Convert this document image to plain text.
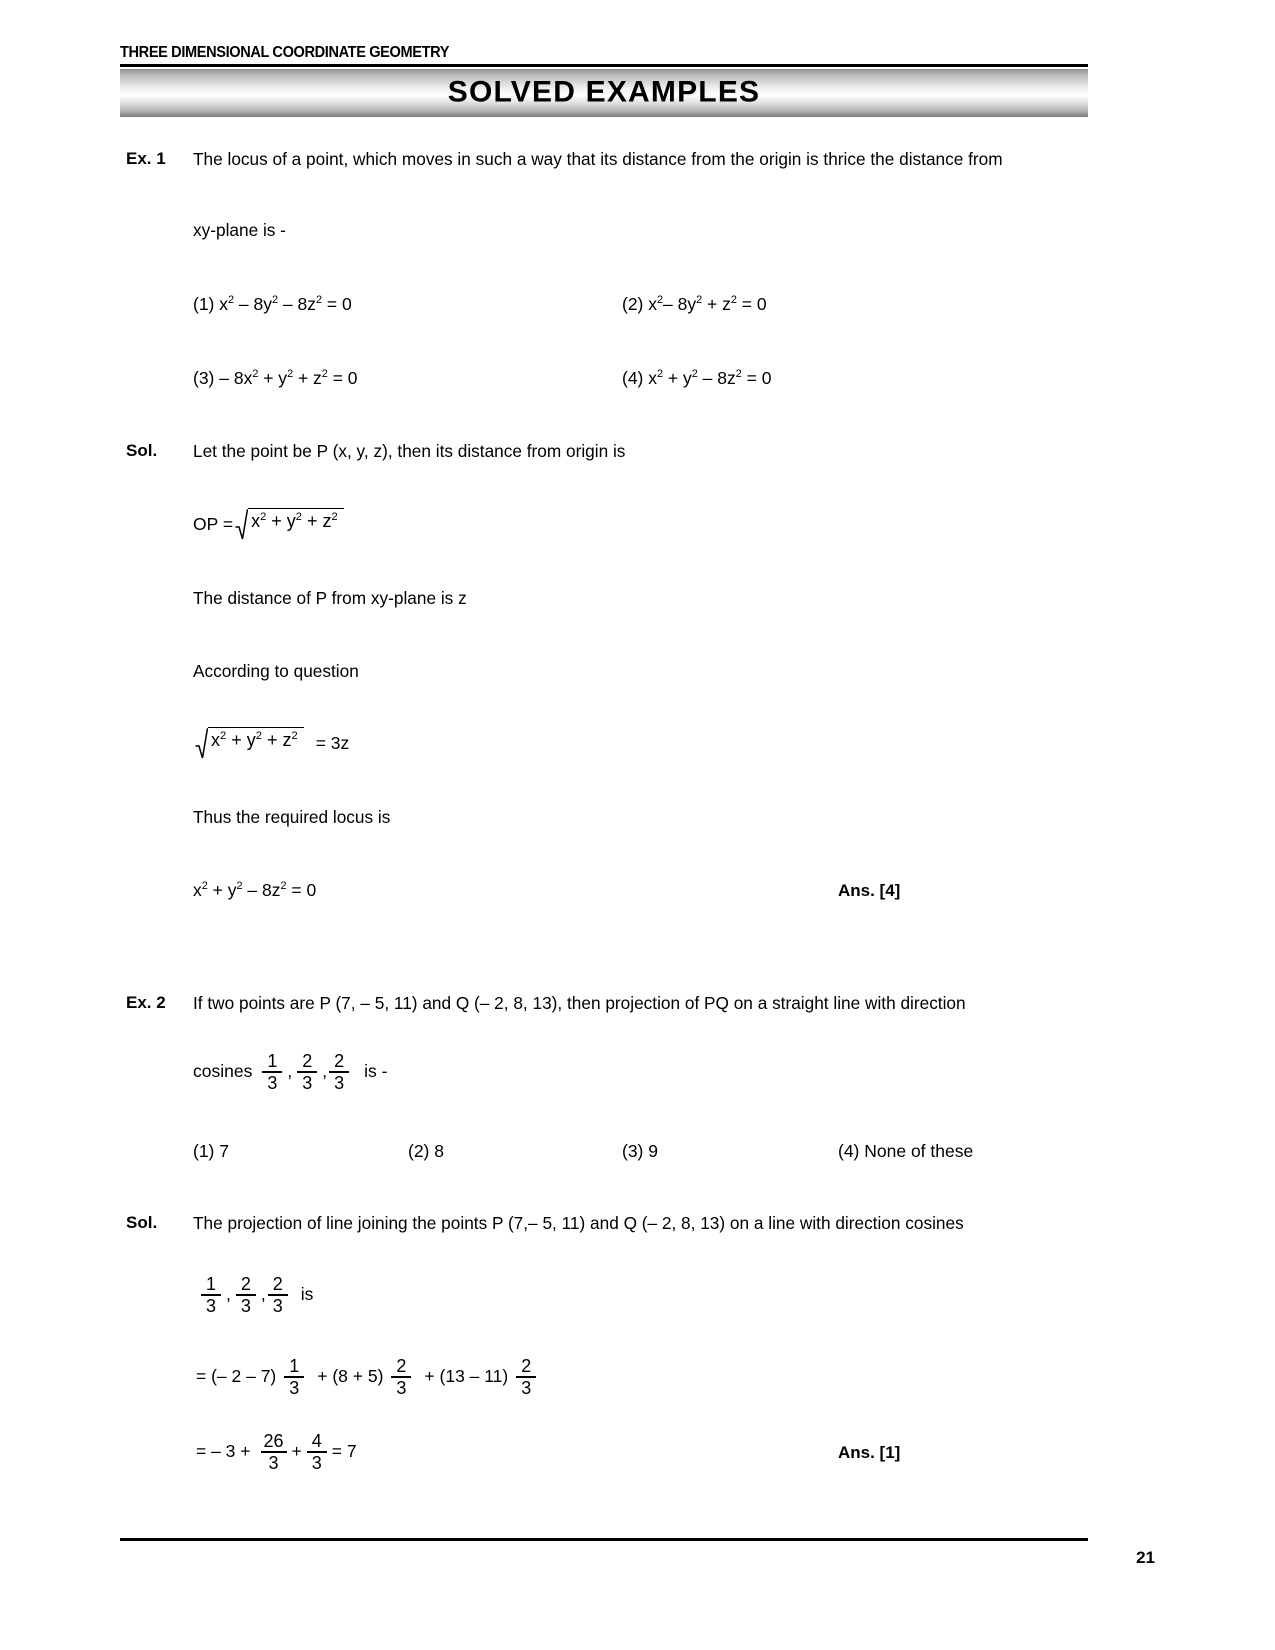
THREE DIMENSIONAL COORDINATE GEOMETRY
SOLVED EXAMPLES
Ex. 1 The locus of a point, which moves in such a way that its distance from the origin is thrice the distance from
xy-plane is -
(1) $x^2 - 8y^2 - 8z^2 = 0$	(2) $x^2-$ $8y^2 + z^2 = 0$
$(3) - 8x^2 + y^2 + z^2 = 0$	(4) $x^2 + y^2 - 8z^2 = 0$
Sol. Let the point be P (x, y, z), then its distance from origin is
OP = $x^2 + y^2 + z^2$
The distance of P from xy-plane is z
According to question
$x^2 + y^2 + z^2$	= 3z
Thus the required locus is
$x^2 + y^2 - 8z^2 = 0$	Ans. [4]
Ex. 2 If two points are P (7, – 5, 11) and Q (– 2, 8, 13), then projection of PQ on a straight line with direction
cosines $\frac{1}{3}$ , $\frac{2}{3}$ , $\frac{2}{3}$ is -
(1) 7	(2) 8	(3) 9	(4) None of these
Sol. The projection of line joining the points P (7,– 5, 11) and Q (– 2, 8, 13) on a line with direction cosines
$\frac{1}{3}$ , $\frac{2}{3}$ , $\frac{2}{3}$ is
= (– $2 - 7) \frac{1}{3} + (8 + 5) \frac{2}{3} + (13 - 11) \frac{2}{3}$
= – $3 + \frac{26}{3} + \frac{4}{3} = 7$	Ans. [1]
21
